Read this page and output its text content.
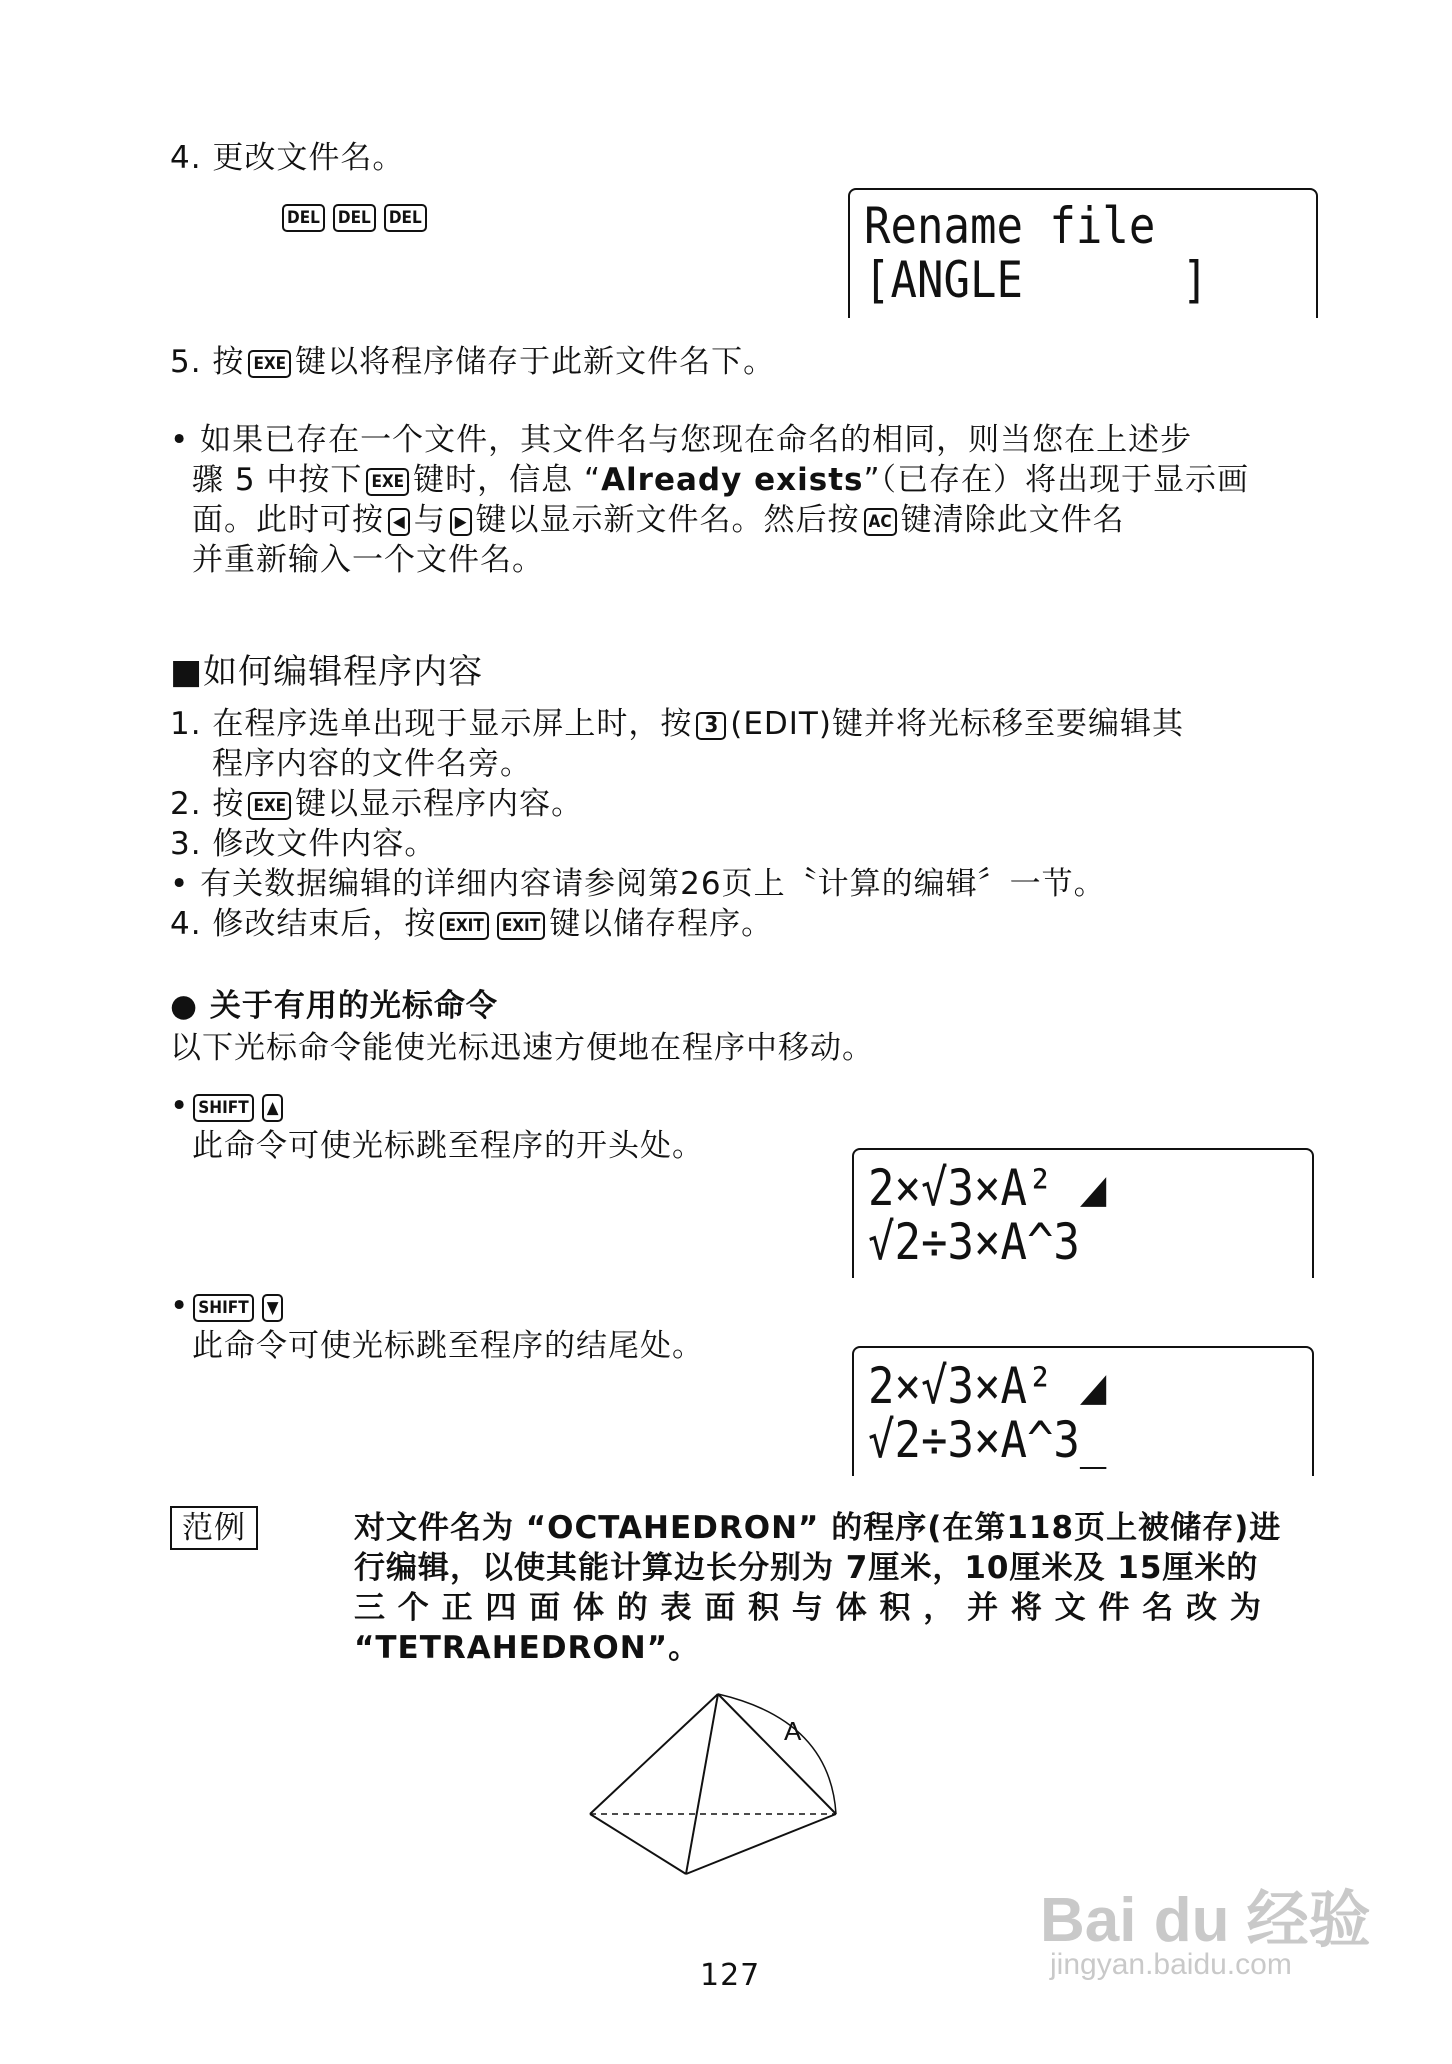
4. 更改文件名。
DEL DEL DEL

	Rename file

[ANGLE      ]

5. 按 EXE 键以将程序储存于此新文件名下。
• 如果已存在一个文件，其文件名与您现在命名的相同，则当您在上述步
骤 5 中按下 EXE 键时，信息 “Already exists”（已存在）将出现于显示画
面。此时可按 ◀ 与 ▶ 键以显示新文件名。然后按 AC 键清除此文件名
并重新输入一个文件名。
■如何编辑程序内容
1. 在程序选单出现于显示屏上时，按 3 (EDIT)键并将光标移至要编辑其
程序内容的文件名旁。
2. 按 EXE 键以显示程序内容。
3. 修改文件内容。
• 有关数据编辑的详细内容请参阅第26页上〝计算的编辑〞一节。
4. 修改结束后，按 EXIT EXIT 键以储存程序。
● 关于有用的光标命令
以下光标命令能使光标迅速方便地在程序中移动。
• SHIFT ▲
此命令可使光标跳至程序的开头处。

2×√3×A² ◢

√2÷3×A^3

• SHIFT ▼
此命令可使光标跳至程序的结尾处。

2×√3×A² ◢

√2÷3×A^3_

范例	对文件名为 “OCTAHEDRON” 的程序(在第118页上被储存)进
行编辑，以使其能计算边长分别为 7厘米，10厘米及 15厘米的
三 个 正 四 面 体 的 表 面 积 与 体 积 ， 并 将 文 件 名 改 为
“TETRAHEDRON”。
A
127
Bai du 经验
jingyan.baidu.com
